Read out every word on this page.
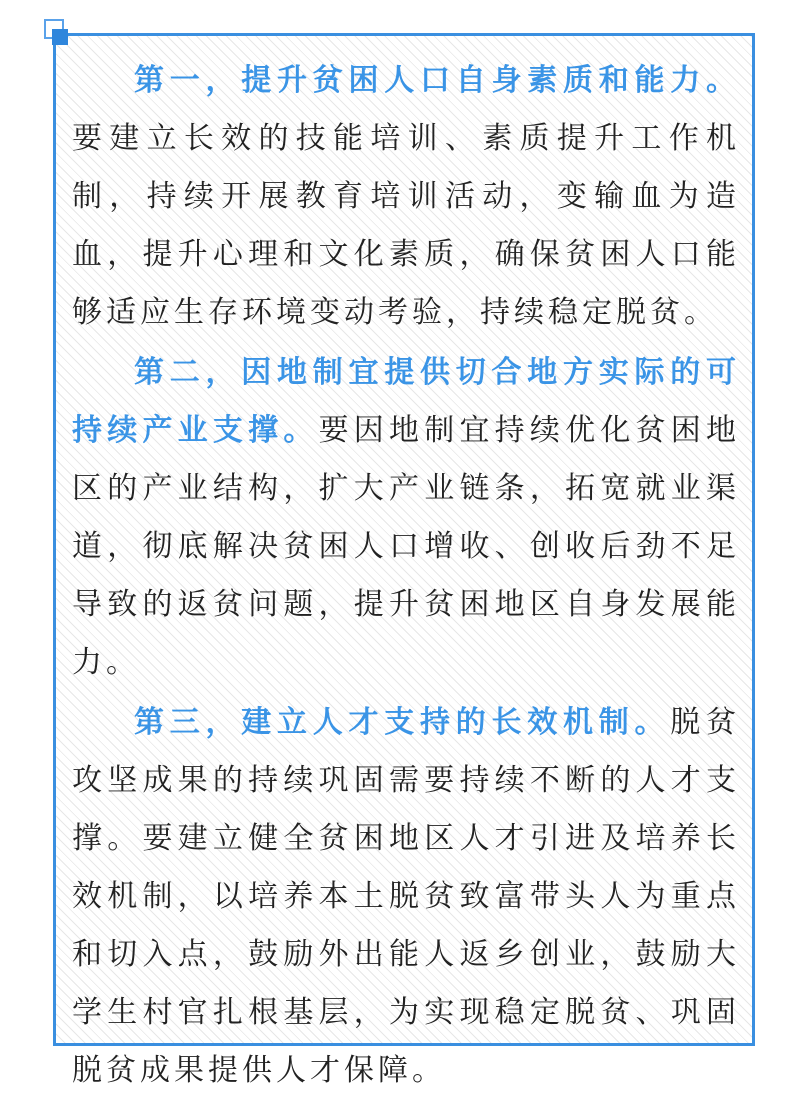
第一，提升贫困人口自身素质和能力。要建立长效的技能培训、素质提升工作机制，持续开展教育培训活动，变输血为造血，提升心理和文化素质，确保贫困人口能够适应生存环境变动考验，持续稳定脱贫。

第二，因地制宜提供切合地方实际的可持续产业支撑。要因地制宜持续优化贫困地区的产业结构，扩大产业链条，拓宽就业渠道，彻底解决贫困人口增收、创收后劲不足导致的返贫问题，提升贫困地区自身发展能力。

第三，建立人才支持的长效机制。脱贫攻坚成果的持续巩固需要持续不断的人才支撑。要建立健全贫困地区人才引进及培养长效机制，以培养本土脱贫致富带头人为重点和切入点，鼓励外出能人返乡创业，鼓励大学生村官扎根基层，为实现稳定脱贫、巩固脱贫成果提供人才保障。
